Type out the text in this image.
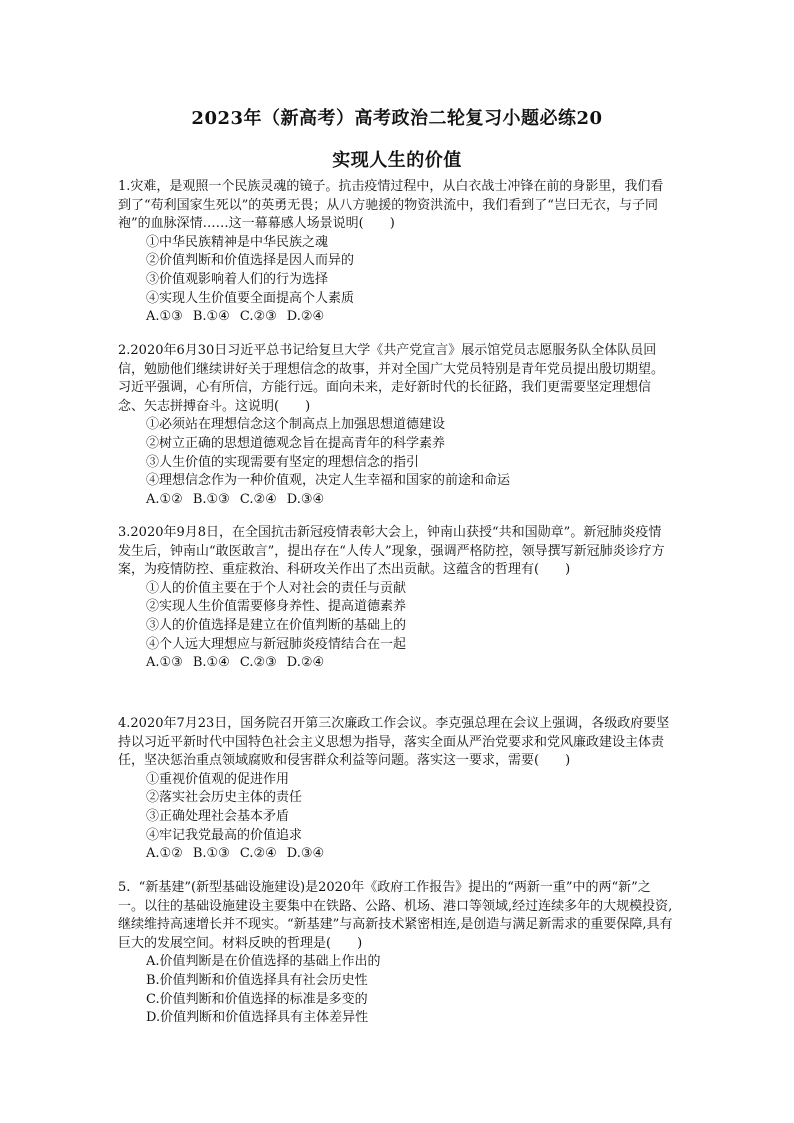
2023年（新高考）高考政治二轮复习小题必练20
实现人生的价值

1.灾难，是观照一个民族灵魂的镜子。抗击疫情过程中，从白衣战士冲锋在前的身影里，我们看到了“苟利国家生死以”的英勇无畏；从八方驰援的物资洪流中，我们看到了“岂曰无衣，与子同袍”的血脉深情……这一幕幕感人场景说明(　　)

①中华民族精神是中华民族之魂

②价值判断和价值选择是因人而异的

③价值观影响着人们的行为选择

④实现人生价值要全面提高个人素质

A.①③ B.①④ C.②③ D.②④

2.2020年6月30日习近平总书记给复旦大学《共产党宣言》展示馆党员志愿服务队全体队员回信，勉励他们继续讲好关于理想信念的故事，并对全国广大党员特别是青年党员提出殷切期望。习近平强调，心有所信，方能行远。面向未来，走好新时代的长征路，我们更需要坚定理想信念、矢志拼搏奋斗。这说明(　　)

①必须站在理想信念这个制高点上加强思想道德建设

②树立正确的思想道德观念旨在提高青年的科学素养

③人生价值的实现需要有坚定的理想信念的指引

④理想信念作为一种价值观，决定人生幸福和国家的前途和命运

A.①② B.①③ C.②④ D.③④

3.2020年9月8日，在全国抗击新冠疫情表彰大会上，钟南山获授“共和国勋章”。新冠肺炎疫情发生后，钟南山“敢医敢言”，提出存在“人传人”现象，强调严格防控，领导撰写新冠肺炎诊疗方案，为疫情防控、重症救治、科研攻关作出了杰出贡献。这蕴含的哲理有(　　)

①人的价值主要在于个人对社会的责任与贡献

②实现人生价值需要修身养性、提高道德素养

③人的价值选择是建立在价值判断的基础上的

④个人远大理想应与新冠肺炎疫情结合在一起

A.①③ B.①④ C.②③ D.②④

4.2020年7月23日，国务院召开第三次廉政工作会议。李克强总理在会议上强调，各级政府要坚持以习近平新时代中国特色社会主义思想为指导，落实全面从严治党要求和党风廉政建设主体责任，坚决惩治重点领域腐败和侵害群众利益等问题。落实这一要求，需要(　　)

①重视价值观的促进作用

②落实社会历史主体的责任

③正确处理社会基本矛盾

④牢记我党最高的价值追求

A.①② B.①③ C.②④ D.③④

5. “新基建”(新型基础设施建设)是2020年《政府工作报告》提出的“两新一重”中的两“新”之一。以往的基础设施建设主要集中在铁路、公路、机场、港口等领域,经过连续多年的大规模投资,继续维持高速增长并不现实。“新基建”与高新技术紧密相连,是创造与满足新需求的重要保障,具有巨大的发展空间。材料反映的哲理是(　　)

A.价值判断是在价值选择的基础上作出的

B.价值判断和价值选择具有社会历史性

C.价值判断和价值选择的标准是多变的

D.价值判断和价值选择具有主体差异性
